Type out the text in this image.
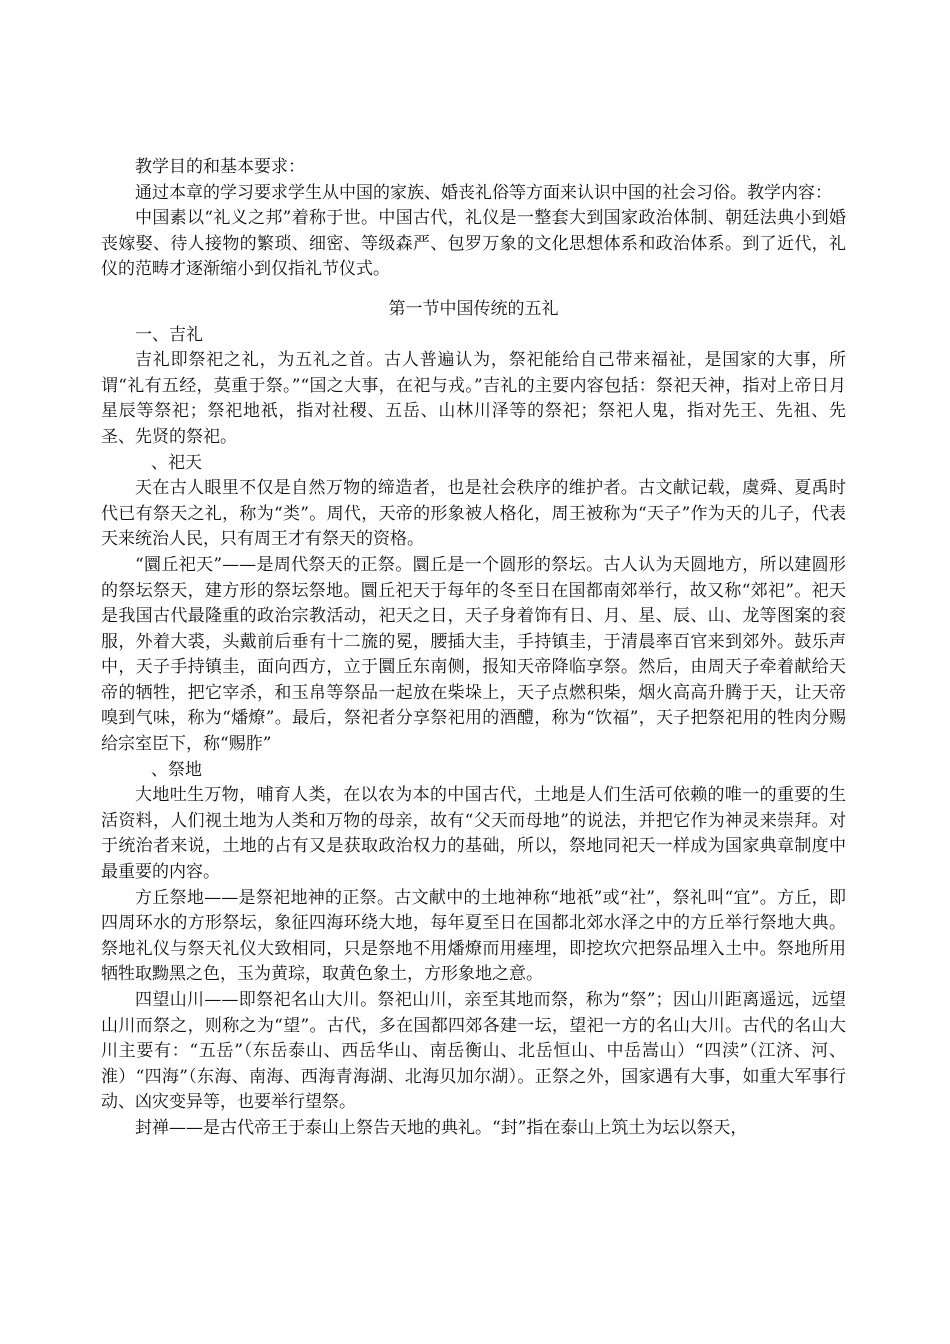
教学目的和基本要求：

通过本章的学习要求学生从中国的家族、婚丧礼俗等方面来认识中国的社会习俗。教学内容：

中国素以“礼义之邦”着称于世。中国古代，礼仪是一整套大到国家政治体制、朝廷法典小到婚丧嫁娶、待人接物的繁琐、细密、等级森严、包罗万象的文化思想体系和政治体系。到了近代，礼仪的范畴才逐渐缩小到仅指礼节仪式。

第一节中国传统的五礼

一、吉礼

吉礼即祭祀之礼，为五礼之首。古人普遍认为，祭祀能给自己带来福祉，是国家的大事，所谓“礼有五经，莫重于祭。”“国之大事，在祀与戎。”吉礼的主要内容包括：祭祀天神，指对上帝日月星辰等祭祀；祭祀地祇，指对社稷、五岳、山林川泽等的祭祀；祭祀人鬼，指对先王、先祖、先圣、先贤的祭祀。

、祀天

天在古人眼里不仅是自然万物的缔造者，也是社会秩序的维护者。古文献记载，虞舜、夏禹时代已有祭天之礼，称为“类”。周代，天帝的形象被人格化，周王被称为“天子”作为天的儿子，代表天来统治人民，只有周王才有祭天的资格。

“圜丘祀天”——是周代祭天的正祭。圜丘是一个圆形的祭坛。古人认为天圆地方，所以建圆形的祭坛祭天，建方形的祭坛祭地。圜丘祀天于每年的冬至日在国都南郊举行，故又称“郊祀”。祀天是我国古代最隆重的政治宗教活动，祀天之日，天子身着饰有日、月、星、辰、山、龙等图案的衮服，外着大裘，头戴前后垂有十二旒的冕，腰插大圭，手持镇圭，于清晨率百官来到郊外。鼓乐声中，天子手持镇圭，面向西方，立于圜丘东南侧，报知天帝降临享祭。然后，由周天子牵着献给天帝的牺牲，把它宰杀，和玉帛等祭品一起放在柴垛上，天子点燃积柴，烟火高高升腾于天，让天帝嗅到气味，称为“燔燎”。最后，祭祀者分享祭祀用的酒醴，称为“饮福”，天子把祭祀用的牲肉分赐给宗室臣下，称“赐胙”

、祭地

大地吐生万物，哺育人类，在以农为本的中国古代，土地是人们生活可依赖的唯一的重要的生活资料，人们视土地为人类和万物的母亲，故有“父天而母地”的说法，并把它作为神灵来崇拜。对于统治者来说，土地的占有又是获取政治权力的基础，所以，祭地同祀天一样成为国家典章制度中最重要的内容。

方丘祭地——是祭祀地神的正祭。古文献中的土地神称“地祇”或“社”，祭礼叫“宜”。方丘，即四周环水的方形祭坛，象征四海环绕大地，每年夏至日在国都北郊水泽之中的方丘举行祭地大典。祭地礼仪与祭天礼仪大致相同，只是祭地不用燔燎而用瘗埋，即挖坎穴把祭品埋入土中。祭地所用牺牲取黝黑之色，玉为黄琮，取黄色象土，方形象地之意。

四望山川——即祭祀名山大川。祭祀山川，亲至其地而祭，称为“祭”；因山川距离遥远，远望山川而祭之，则称之为“望”。古代，多在国都四郊各建一坛，望祀一方的名山大川。古代的名山大川主要有：“五岳”（东岳泰山、西岳华山、南岳衡山、北岳恒山、中岳嵩山）“四渎”（江济、河、淮）“四海”（东海、南海、西海青海湖、北海贝加尔湖）。正祭之外，国家遇有大事，如重大军事行动、凶灾变异等，也要举行望祭。

封禅——是古代帝王于泰山上祭告天地的典礼。“封”指在泰山上筑土为坛以祭天，
